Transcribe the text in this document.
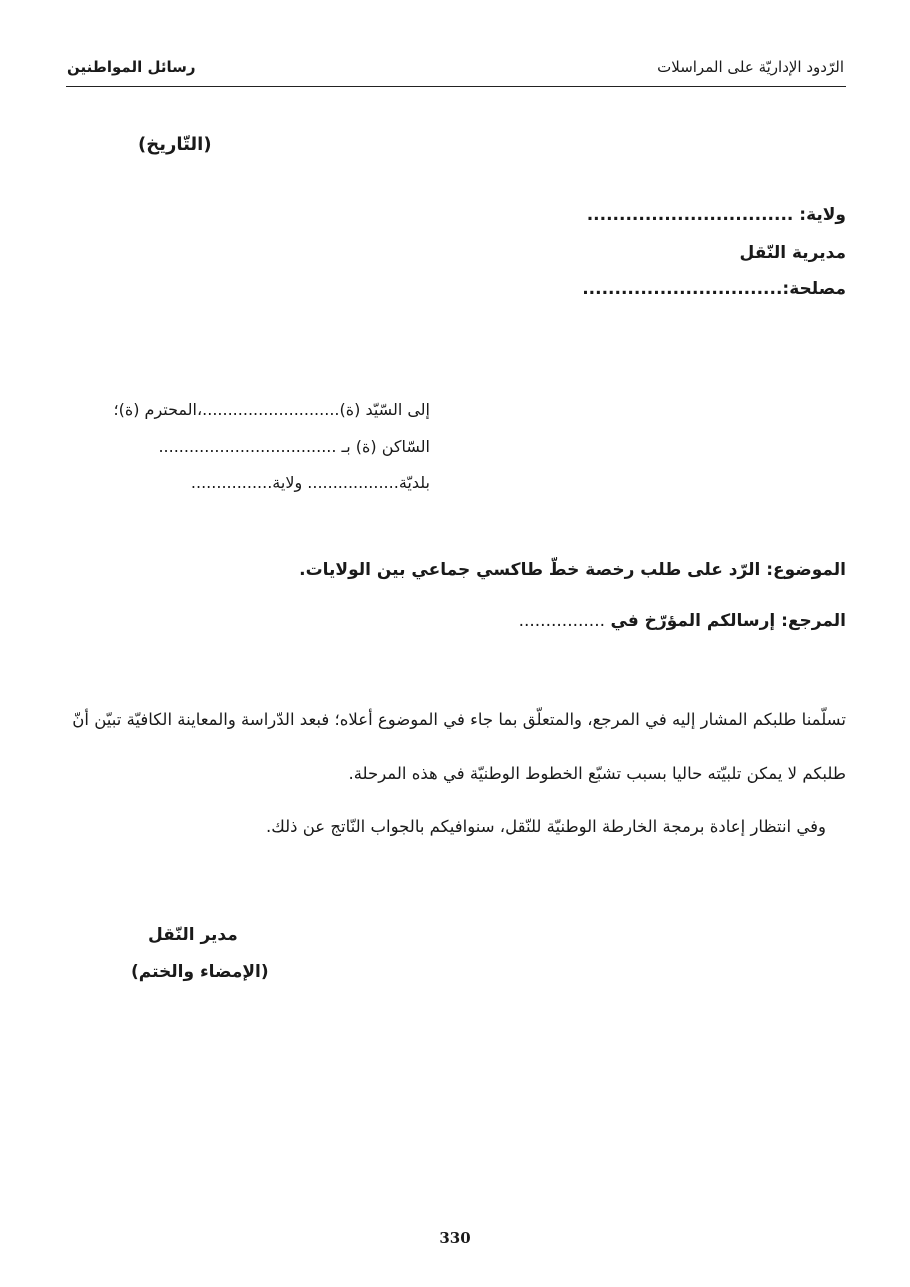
الرّدود الإداريّة على المراسلات
رسائل المواطنين
(التّاريخ)
ولاية: ................................
مديرية النّقل
مصلحة:...............................
إلى السّيّد (ة)...........................،المحترم (ة)؛
السّاكن (ة) بـ ...................................
بلديّة.................. ولاية................
الموضوع: الرّد على طلب رخصة خطّ طاكسي جماعي بين الولايات.
المرجع: إرسالكم المؤرّخ في ................
تسلّمنا طلبكم المشار إليه في المرجع، والمتعلّق بما جاء في الموضوع أعلاه؛ فبعد الدّراسة والمعاينة الكافيّة تبيّن أنّ
طلبكم لا يمكن تلبيّته حاليا بسبب تشبّع الخطوط الوطنيّة في هذه المرحلة.
وفي انتظار إعادة برمجة الخارطة الوطنيّة للنّقل، سنوافيكم بالجواب النّاتج عن ذلك.
مدير النّقل
(الإمضاء والختم)
330
